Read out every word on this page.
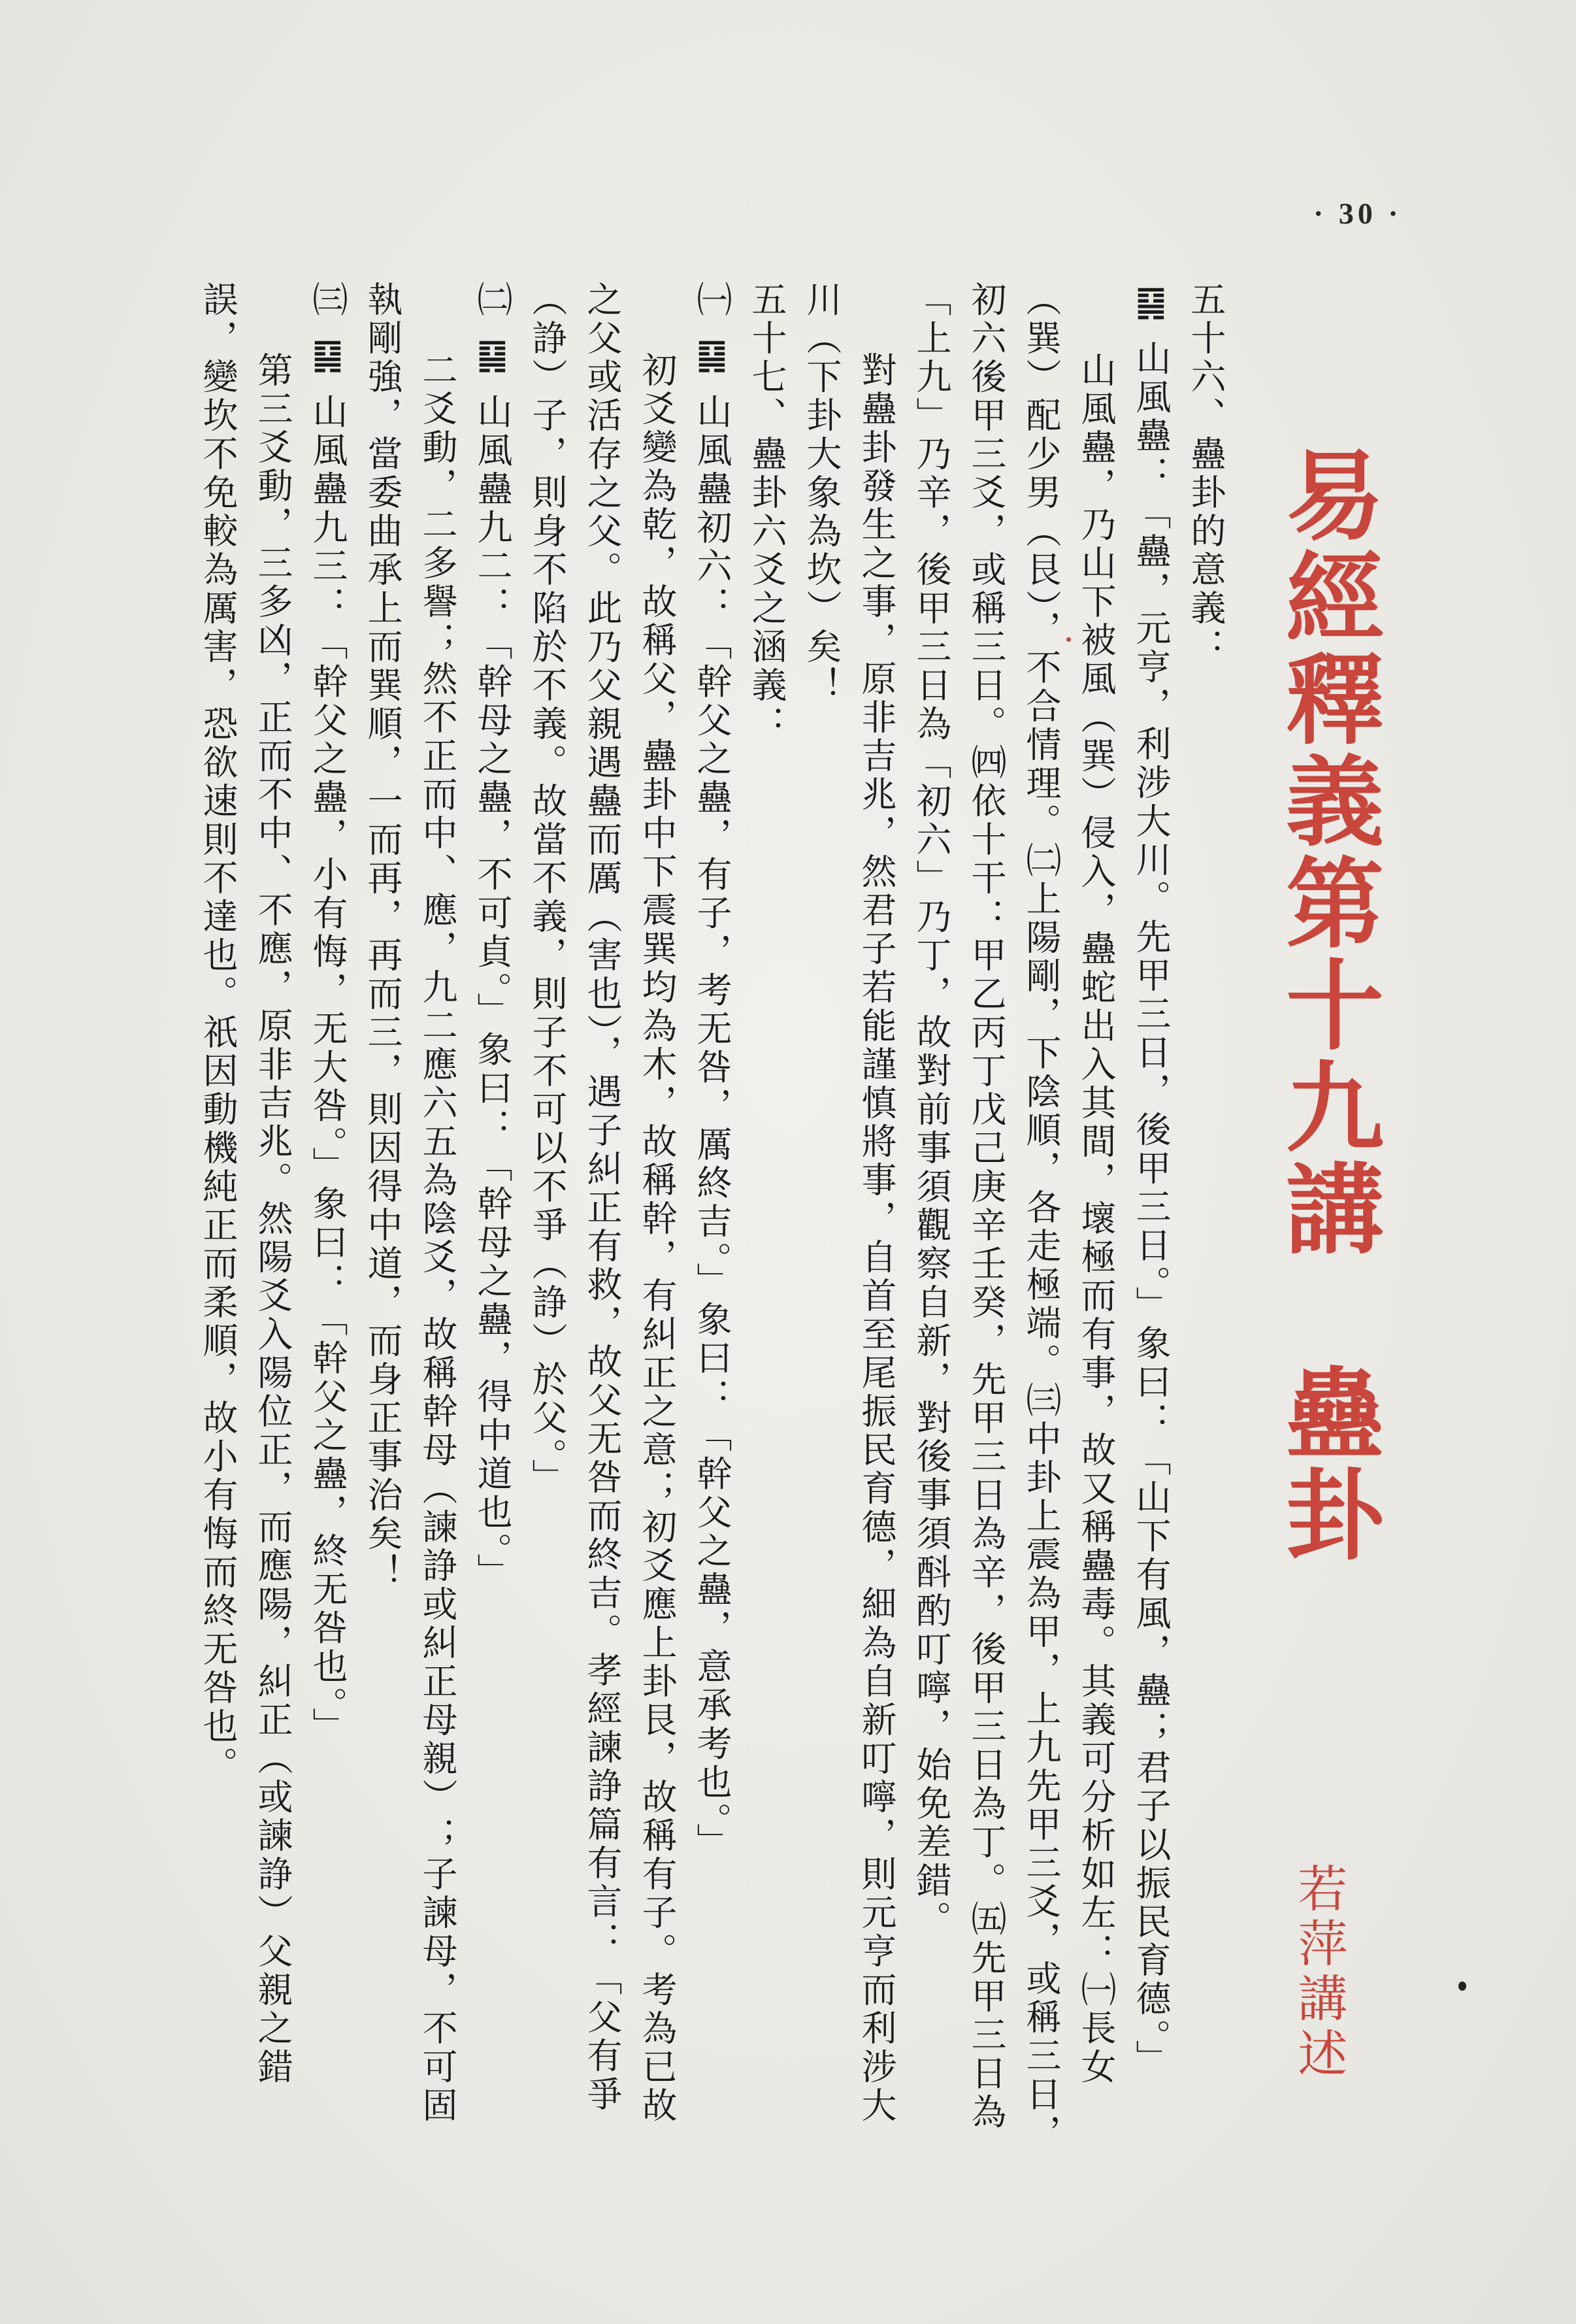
· 30 ·
易經釋義第十九講　蠱卦
若萍講述

五十六、蠱卦的意義：

䷑ 山風蠱：「蠱，元亨，利涉大川。先甲三日，後甲三日。」象曰：「山下有風，蠱；君子以振民育德。」

山風蠱，乃山下被風（巽）侵入，蠱蛇出入其間，壞極而有事，故又稱蠱毒。其義可分析如左：㈠長女（巽）配少男（艮），不合情理。㈡上陽剛，下陰順，各走極端。㈢中卦上震為甲，上九先甲三爻，或稱三日，初六後甲三爻，或稱三日。㈣依十干：甲乙丙丁戊己庚辛壬癸，先甲三日為辛，後甲三日為丁。㈤先甲三日為「上九」乃辛，後甲三日為「初六」乃丁，故對前事須觀察自新，對後事須酙酌叮嚀，始免差錯。

對蠱卦發生之事，原非吉兆，然君子若能謹慎將事，自首至尾振民育德，細為自新叮嚀，則元亨而利涉大川（下卦大象為坎）矣！

五十七、蠱卦六爻之涵義：

㈠ ䷑ 山風蠱初六：「幹父之蠱，有子，考无咎，厲終吉。」象曰：「幹父之蠱，意承考也。」

初爻變為乾，故稱父，蠱卦中下震巽均為木，故稱幹，有糾正之意；初爻應上卦艮，故稱有子。考為已故之父或活存之父。此乃父親遇蠱而厲（害也），遇子糾正有救，故父无咎而終吉。孝經諫諍篇有言：「父有爭（諍）子，則身不陷於不義。故當不義，則子不可以不爭（諍）於父。」

㈡ ䷑ 山風蠱九二：「幹母之蠱，不可貞。」象曰：「幹母之蠱，得中道也。」

二爻動，二多譽；然不正而中、應，九二應六五為陰爻，故稱幹母（諫諍或糾正母親）；子諫母，不可固執剛強，當委曲承上而巽順，一而再，再而三，則因得中道，而身正事治矣！

㈢ ䷑ 山風蠱九三：「幹父之蠱，小有悔，无大咎。」象曰：「幹父之蠱，終无咎也。」

第三爻動，三多凶，正而不中、不應，原非吉兆。然陽爻入陽位正，而應陽，糾正（或諫諍）父親之錯誤，變坎不免較為厲害，恐欲速則不達也。祇因動機純正而柔順，故小有悔而終无咎也。
